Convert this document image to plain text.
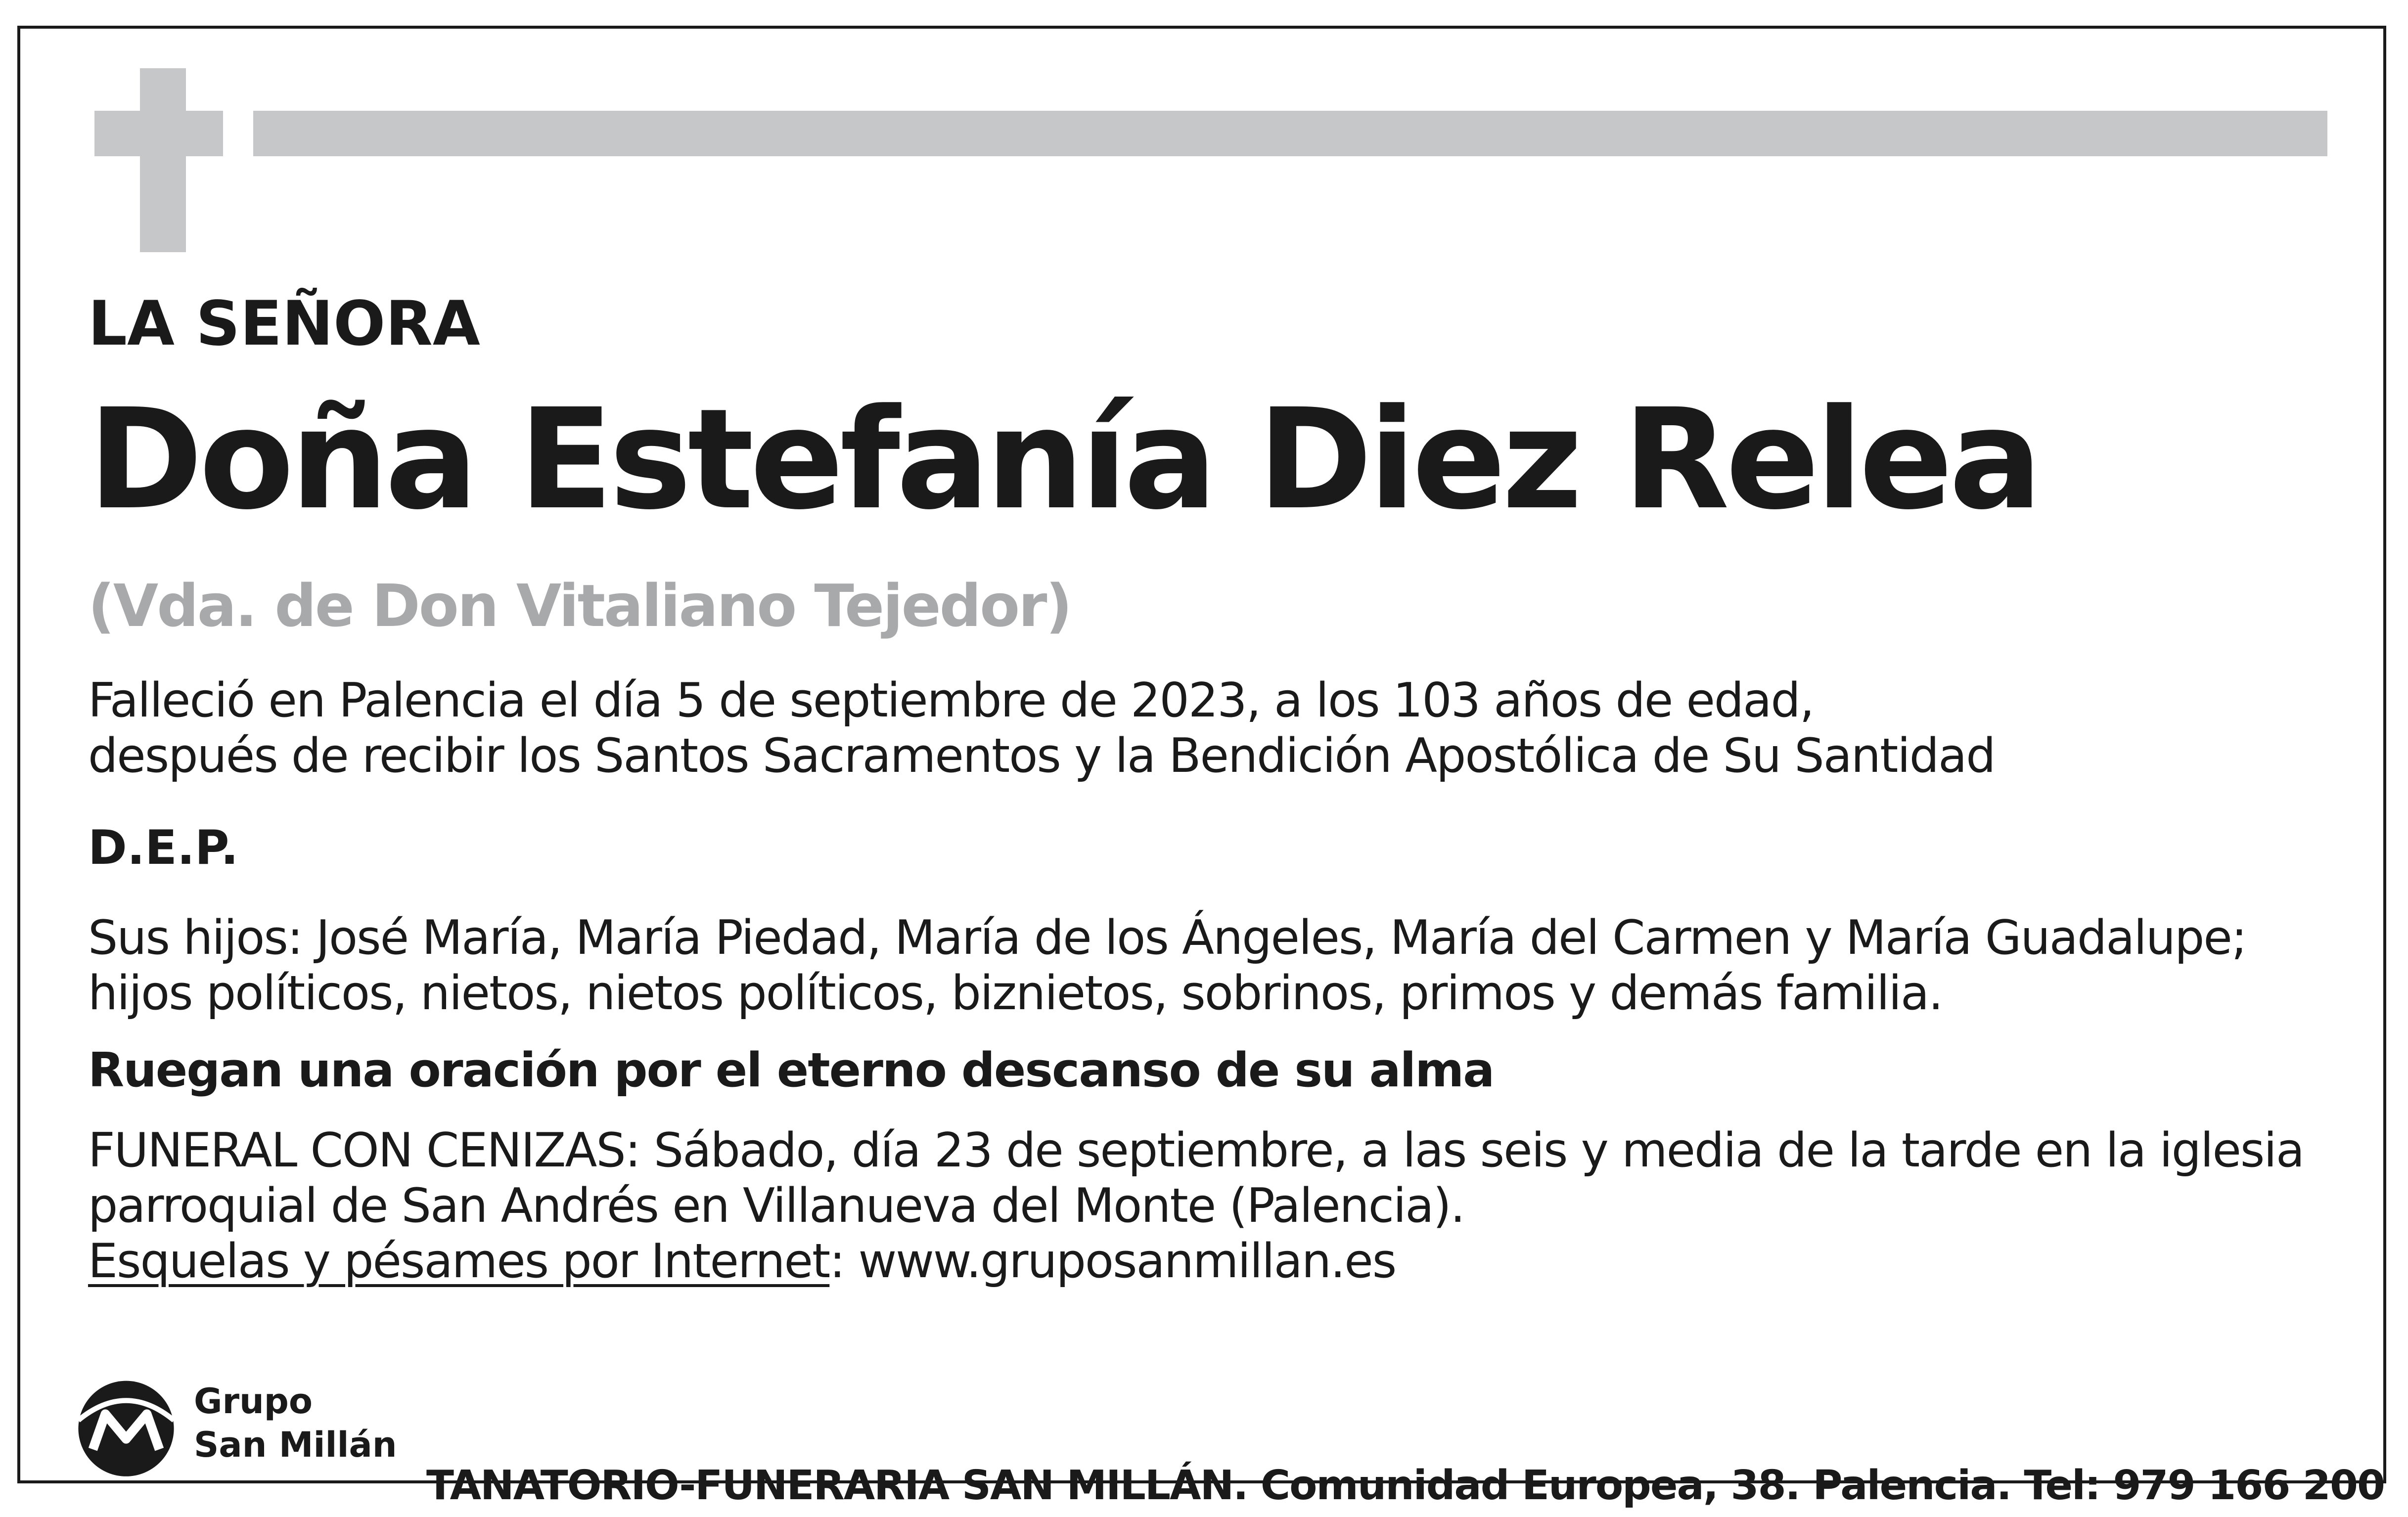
LA SEÑORA

Doña Estefanía Diez Relea

(Vda. de Don Vitaliano Tejedor)

Falleció en Palencia el día 5 de septiembre de 2023, a los 103 años de edad,

después de recibir los Santos Sacramentos y la Bendición Apostólica de Su Santidad

D.E.P.

Sus hijos: José María, María Piedad, María de los Ángeles, María del Carmen y María Guadalupe;

hijos políticos, nietos, nietos políticos, biznietos, sobrinos, primos y demás familia.

Ruegan una oración por el eterno descanso de su alma

FUNERAL CON CENIZAS: Sábado, día 23 de septiembre, a las seis y media de la tarde en la iglesia

parroquial de San Andrés en Villanueva del Monte (Palencia).

Esquelas y pésames por Internet: www.gruposanmillan.es

Grupo
San Millán

TANATORIO-FUNERARIA SAN MILLÁN. Comunidad Europea, 38. Palencia. Tel: 979 166 200
